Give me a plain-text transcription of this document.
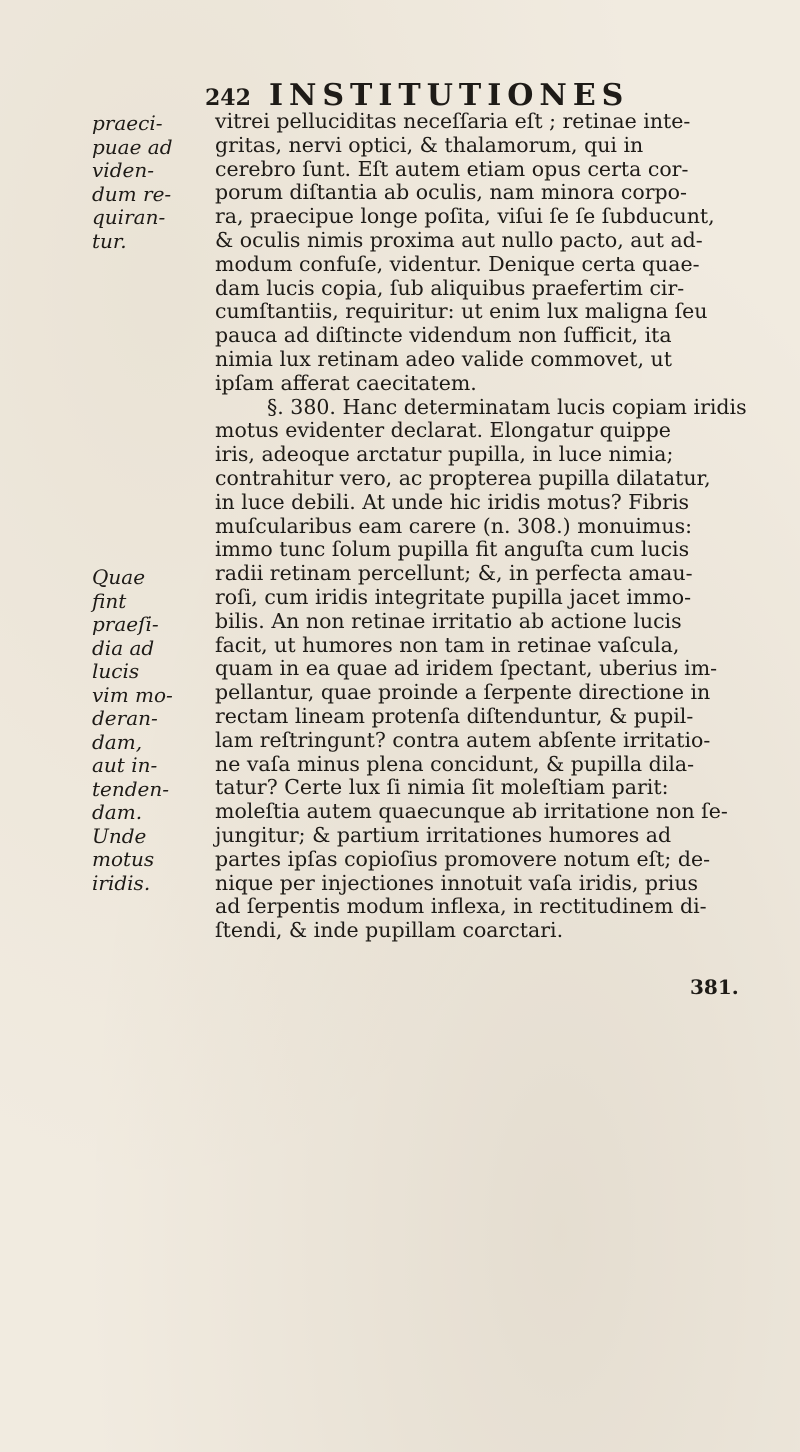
242 INSTITUTIONES
praeci-
puae ad
viden-
dum re-
quiran-
tur.
Quae
fint
praeſi-
dia ad
lucis
vim mo-
deran-
dam,
aut in-
tenden-
dam.
Unde
motus
iridis.
vitrei pelluciditas neceſſaria eſt ; retinae inte-
gritas, nervi optici, & thalamorum, qui in
cerebro ſunt. Eſt autem etiam opus certa cor-
porum diſtantia ab oculis, nam minora corpo-
ra, praecipue longe poſita, viſui ſe ſe ſubducunt,
& oculis nimis proxima aut nullo pacto, aut ad-
modum confuſe, videntur. Denique certa quae-
dam lucis copia, ſub aliquibus praefertim cir-
cumſtantiis, requiritur: ut enim lux maligna ſeu
pauca ad diſtincte videndum non ſufficit, ita
nimia lux retinam adeo valide commovet, ut
ipſam afferat caecitatem.
§. 380. Hanc determinatam lucis copiam iridis
motus evidenter declarat. Elongatur quippe
iris, adeoque arctatur pupilla, in luce nimia;
contrahitur vero, ac propterea pupilla dilatatur,
in luce debili. At unde hic iridis motus? Fibris
muſcularibus eam carere (n. 308.) monuimus:
immo tunc ſolum pupilla fit anguſta cum lucis
radii retinam percellunt; &, in perfecta amau-
roſi, cum iridis integritate pupilla jacet immo-
bilis. An non retinae irritatio ab actione lucis
facit, ut humores non tam in retinae vaſcula,
quam in ea quae ad iridem ſpectant, uberius im-
pellantur, quae proinde a ſerpente directione in
rectam lineam protenſa diſtenduntur, & pupil-
lam reſtringunt? contra autem abſente irritatio-
ne vaſa minus plena concidunt, & pupilla dila-
tatur? Certe lux ſi nimia ſit moleſtiam parit:
moleſtia autem quaecunque ab irritatione non ſe-
jungitur; & partium irritationes humores ad
partes ipſas copioſius promovere notum eſt; de-
nique per injectiones innotuit vaſa iridis, prius
ad ſerpentis modum inflexa, in rectitudinem di-
ſtendi, & inde pupillam coarctari.
381.
